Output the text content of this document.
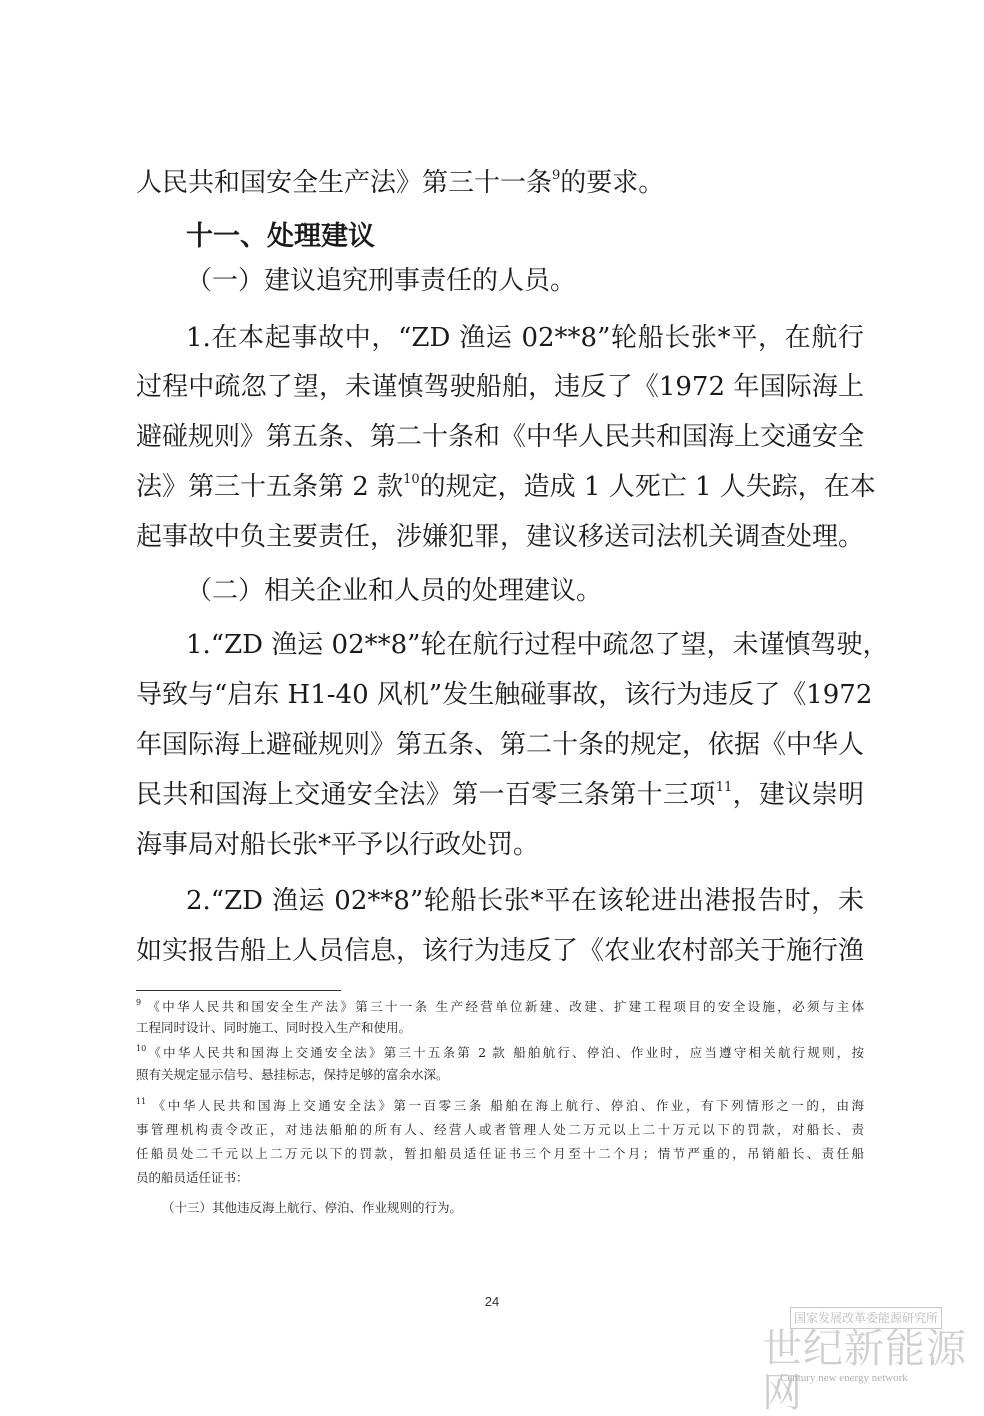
人民共和国安全生产法》第三十一条$^9$的要求。
十一、处理建议
（一）建议追究刑事责任的人员。
1.在本起事故中，“ZD 渔运 02**8”轮船长张*平，在航行
过程中疏忽了望，未谨慎驾驶船舶，违反了《1972 年国际海上
避碰规则》第五条、第二十条和《中华人民共和国海上交通安全
法》第三十五条第 2 款$^{10}$的规定，造成 1 人死亡 1 人失踪，在本
起事故中负主要责任，涉嫌犯罪，建议移送司法机关调查处理。
（二）相关企业和人员的处理建议。
1.“ZD 渔运 02**8”轮在航行过程中疏忽了望，未谨慎驾驶，
导致与“启东 H1-40 风机”发生触碰事故，该行为违反了《1972
年国际海上避碰规则》第五条、第二十条的规定，依据《中华人
民共和国海上交通安全法》第一百零三条第十三项$^{11}$，建议崇明
海事局对船长张*平予以行政处罚。
2.“ZD 渔运 02**8”轮船长张*平在该轮进出港报告时，未
如实报告船上人员信息，该行为违反了《农业农村部关于施行渔
$^9$ 《中华人民共和国安全生产法》第三十一条 生产经营单位新建、改建、扩建工程项目的安全设施，必须与主体
工程同时设计、同时施工、同时投入生产和使用。
$^{10}$《中华人民共和国海上交通安全法》第三十五条第 2 款 船舶航行、停泊、作业时，应当遵守相关航行规则，按
照有关规定显示信号、悬挂标志，保持足够的富余水深。
$^{11}$ 《中华人民共和国海上交通安全法》第一百零三条 船舶在海上航行、停泊、作业，有下列情形之一的，由海
事管理机构责令改正，对违法船舶的所有人、经营人或者管理人处二万元以上二十万元以下的罚款，对船长、责
任船员处二千元以上二万元以下的罚款，暂扣船员适任证书三个月至十二个月；情节严重的，吊销船长、责任船
员的船员适任证书：
（十三）其他违反海上航行、停泊、作业规则的行为。
24
国家发展改革委能源研究所
世纪新能源网
Century new energy network
